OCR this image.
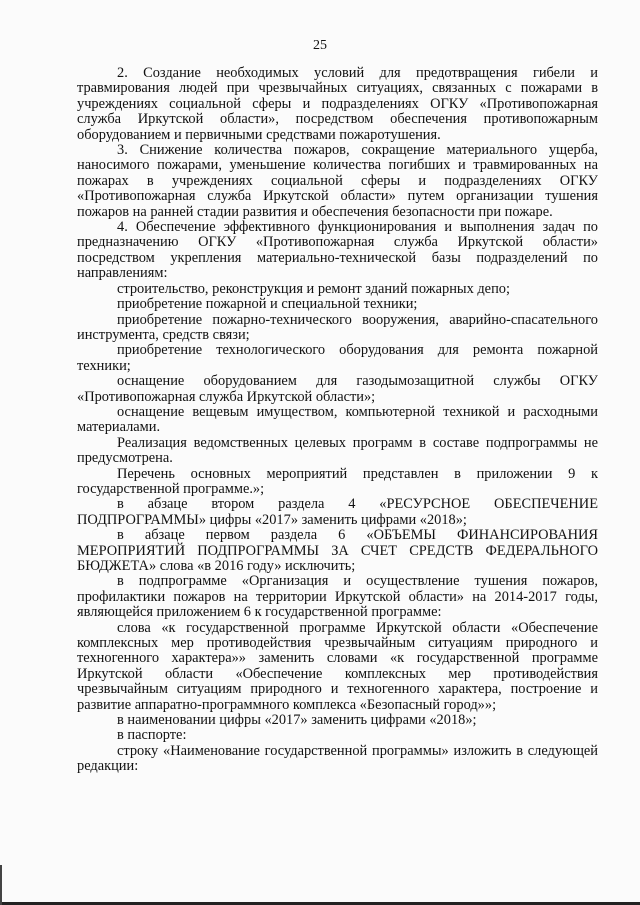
25

2. Создание необходимых условий для предотвращения гибели и травмирования людей при чрезвычайных ситуациях, связанных с пожарами в учреждениях социальной сферы и подразделениях ОГКУ «Противопожарная служба Иркутской области», посредством обеспечения противопожарным оборудованием и первичными средствами пожаротушения.

3. Снижение количества пожаров, сокращение материального ущерба, наносимого пожарами, уменьшение количества погибших и травмированных на пожарах в учреждениях социальной сферы и подразделениях ОГКУ «Противопожарная служба Иркутской области» путем организации тушения пожаров на ранней стадии развития и обеспечения безопасности при пожаре.

4. Обеспечение эффективного функционирования и выполнения задач по предназначению ОГКУ «Противопожарная служба Иркутской области» посредством укрепления материально-технической базы подразделений по направлениям:

строительство, реконструкция и ремонт зданий пожарных депо;

приобретение пожарной и специальной техники;

приобретение пожарно-технического вооружения, аварийно-спасательного инструмента, средств связи;

приобретение технологического оборудования для ремонта пожарной техники;

оснащение оборудованием для газодымозащитной службы ОГКУ «Противопожарная служба Иркутской области»;

оснащение вещевым имуществом, компьютерной техникой и расходными материалами.

Реализация ведомственных целевых программ в составе подпрограммы не предусмотрена.

Перечень основных мероприятий представлен в приложении 9 к государственной программе.»;

в абзаце втором раздела 4 «РЕСУРСНОЕ ОБЕСПЕЧЕНИЕ ПОДПРОГРАММЫ» цифры «2017» заменить цифрами «2018»;

в абзаце первом раздела 6 «ОБЪЕМЫ ФИНАНСИРОВАНИЯ МЕРОПРИЯТИЙ ПОДПРОГРАММЫ ЗА СЧЕТ СРЕДСТВ ФЕДЕРАЛЬНОГО БЮДЖЕТА» слова «в 2016 году» исключить;

в подпрограмме «Организация и осуществление тушения пожаров, профилактики пожаров на территории Иркутской области» на 2014-2017 годы, являющейся приложением 6 к государственной программе:

слова «к государственной программе Иркутской области «Обеспечение комплексных мер противодействия чрезвычайным ситуациям природного и техногенного характера»» заменить словами «к государственной программе Иркутской области «Обеспечение комплексных мер противодействия чрезвычайным ситуациям природного и техногенного характера, построение и развитие аппаратно-программного комплекса «Безопасный город»»;

в наименовании цифры «2017» заменить цифрами «2018»;

в паспорте:

строку «Наименование государственной программы» изложить в следующей редакции:
